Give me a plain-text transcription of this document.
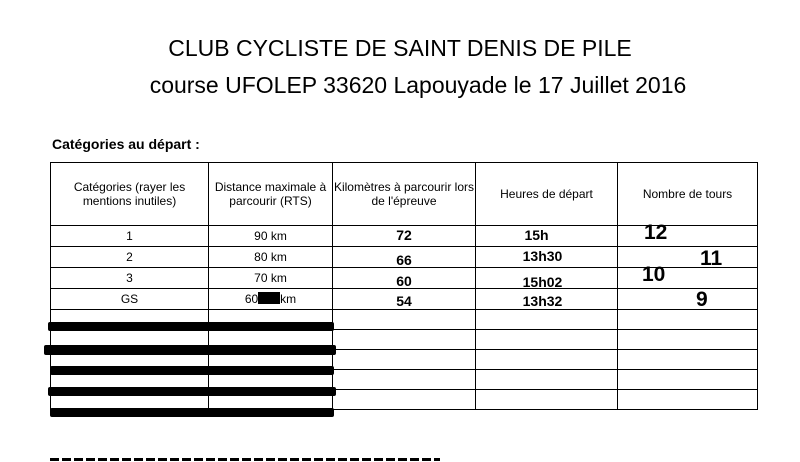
CLUB CYCLISTE DE SAINT DENIS DE PILE
course UFOLEP 33620 Lapouyade le 17 Juillet 2016
Catégories au départ :
Catégories (rayer les mentions inutiles)	Distance maximale à parcourir (RTS)	Kilomètres à parcourir lors de l'épreuve	Heures de départ	Nombre de tours
1	90 km	72	15h	12

2	80 km	66	13h30	11

3	70 km	60	15h02	10

GS	60 km	54	13h32	9
